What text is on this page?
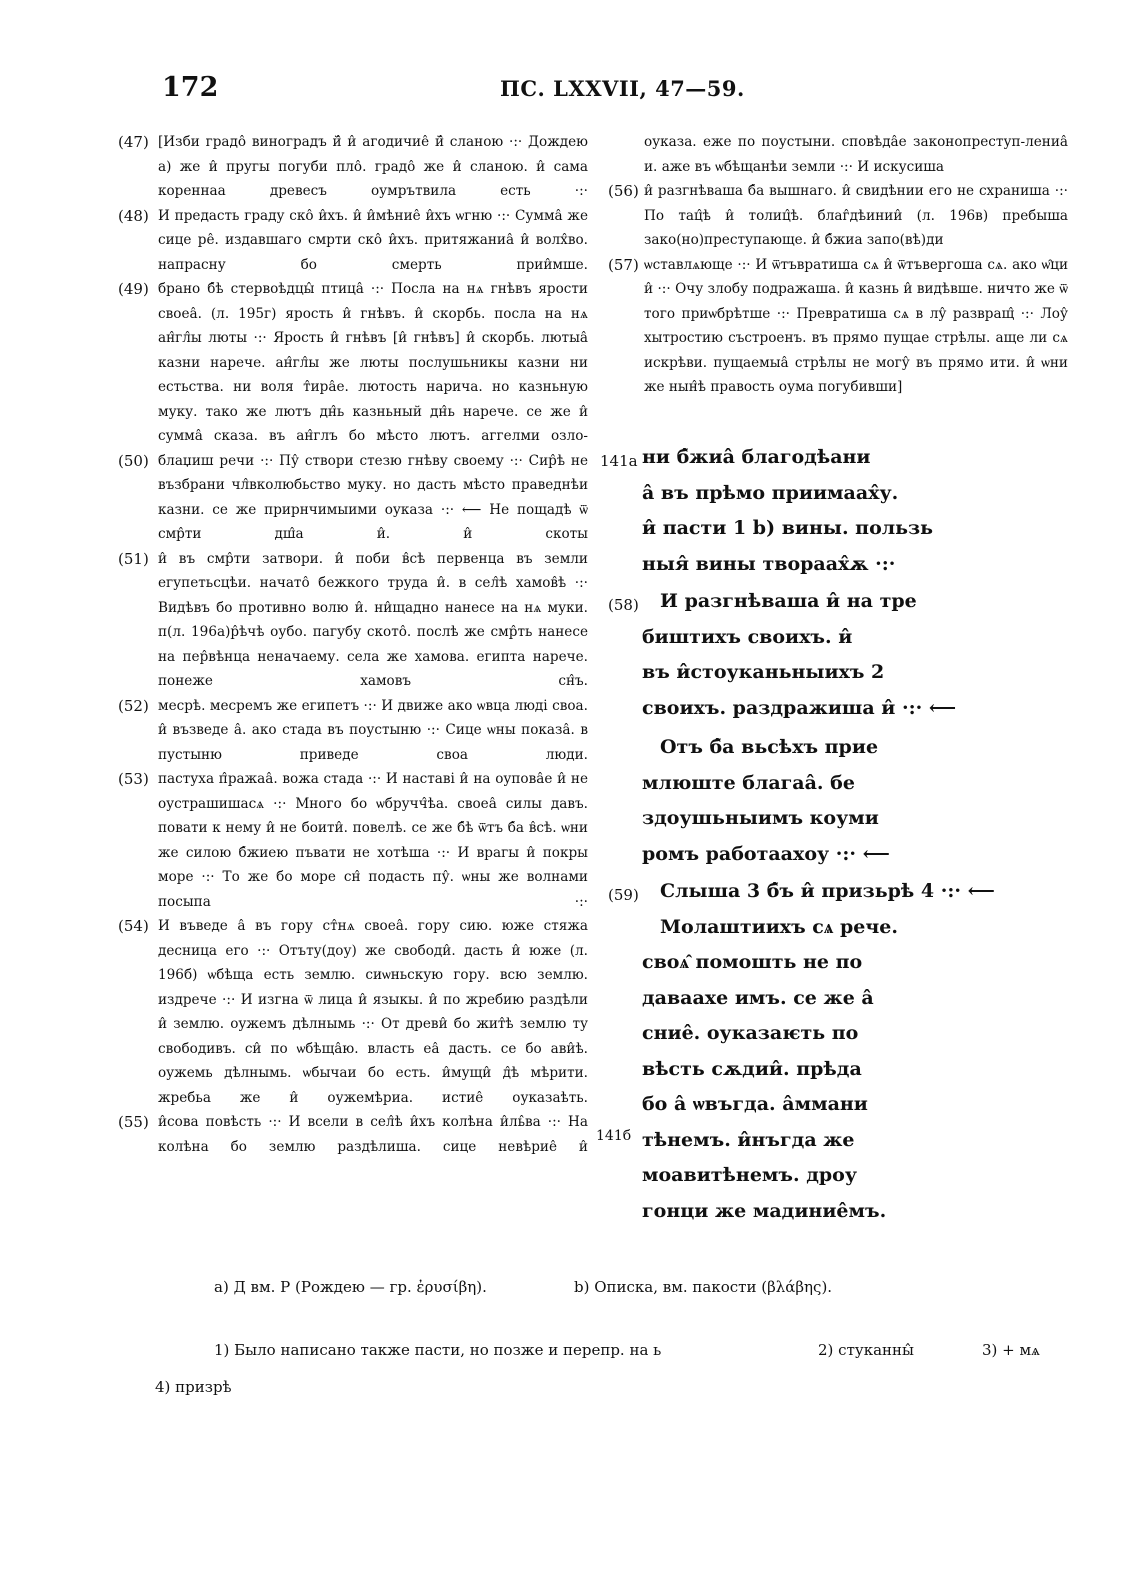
172	ПС. LXXVII, 47—59.
(47) [Изби градо̂ виноградъ й̂ и̂ агодичие̂ й̂ сланою ·:· Дождею а) же и̂ пругы погуби пло̂. градо̂ же и̂ сланою. и̂ сама кореннаа древесъ оумрътвила есть ·:·
(48) И предасть граду ско̂ и̂хъ. и̂ и̂мѣние̂ и̂хъ ѡгню ·:· Сумма̂ же сице ре̂. издавшаго смрти ско̂ и̂хъ. притяжаниа̂ и̂ волх̂во. напрасну бо смерть прии̂мше.
(49) брано б̂ѣ стервоѣдцы̂ птица̂ ·:· Посла на нѧ гнѣвъ ярости своеа̂. (л. 195г) ярость и̂ гнѣвъ. и̂ скорбь. посла на нѧ ан̂гл̂ы люты ·:· Ярость и̂ гнѣвъ [и̂ гнѣвъ] и̂ скорбь. лютыа̂ казни нарече. ан̂гл̂ы же люты послушьникы казни ни естьства. ни воля т̂ира̂е. лютость нарича. но казньную муку. тако же лютъ дн̂ь казньный дн̂ь нарече. се же и̂ сумма̂ сказа. въ ан̂глъ бо мѣсто лютъ. аггелми озло-
(50) блаџиш речи ·:· Пу̂ створи стезю гнѣву своему ·:· Сир̂ѣ не възбрани чл̂вколюбьство муку. но дасть мѣсто праведнѣи казни. се же прирнчимыими оуказа ·:· ⟵ Не пощадѣ ѿ смр̂ти дш̂а и̂. и̂ скоты
(51) и̂ въ смр̂ти затвори. и̂ поби в̂сѣ первенца въ земли егупетьсцѣи. начато̂ бежкого труда и̂. в сел̂ѣ хамов̂ѣ ·:· Видѣвъ бо противно волю и̂. ни̂щадно нанесе на нѧ муки. п(л. 196а)р̂ѣчѣ оубо. пагубу ското̂. послѣ же смр̂ть нанесе на пер̂вѣнца неначаему. села же хамова. египта нарече. понеже хамовъ сн̂ъ.
(52) месрѣ. месремъ же египетъ ·:· И движе ако ѡвца люді своа. и̂ възведе а̂. ако стада въ поустыню ·:· Сице ѡны показа̂. в пустыню приведе своа люди.
(53) пастуха п̂ражаа̂. вожа стада ·:· И наставі и̂ на оупова̂е и̂ не оустрашишасѧ ·:· Много бо ѡбручч̂ѣа. своеа̂ силы давъ. повати к нему и̂ не боити̂. повелѣ. се же б̂ѣ ѿтъ б̂а в̂сѣ. ѡни же силою б̂жиею пъвати не хотѣша ·:· И врагы и̂ покры море ·:· То же бо море сн̂ подасть пу̂. ѡны же волнами посыпа ·:·
(54) И въведе а̂ въ гору ст̂нѧ своеа̂. гору сию. юже стяжа десница его ·:· Отъту(доу) же свободи̂. дасть и̂ юже (л. 196б) ѡбѣща есть землю. сиѡньскую гору. всю землю. издрече ·:· И изгна ѿ лица и̂ языкы. и̂ по жребию раздѣли и̂ землю. оужемъ дѣлнымь ·:· От древи̂ бо жит̂ѣ землю ту свободивъ. си̂ по ѡбѣща̂ю. власть еа̂ дасть. се бо ави̂ѣ. оужемь дѣлнымь. ѡбычаи бо есть. и̂мущи̂ д̂ѣ мѣрити. жребьа же и̂ оужемѣриа. истие̂ оуказаѣть.
(55) и̂сова повѣсть ·:· И всели в сел̂ѣ и̂хъ колѣна и̂ль̂ва ·:· На колѣна бо землю раздѣлиша. сице невѣрие̂ и̂
оуказа. еже по поустыни. сповѣда̂е законопреступ-лениа̂ и. аже въ ѡбѣщанѣи земли ·:· И искусиша
(56) и̂ разгнѣваша б̂а вышнаго. и̂ свидѣнии его не схраниша ·:· По тац̂ѣ и̂ толиц̂ѣ. благ̂дѣинии̂ (л. 196в) пребыша зако(но)преступающе. и̂ б̂жиа запо(вѣ)ди
(57) ѡставлѧюще ·:· И ѿтъвратиша сѧ и̂ ѿтъвергоша сѧ. ако ѡ̂ци и̂ ·:· Очу злобу подражаша. и̂ казнь и̂ видѣвше. ничто же ѿ того приѡбрѣтше ·:· Превратиша сѧ в лу̂ развращ̂ ·:· Лоу̂ хытростию състроенъ. въ прямо пущае стрѣлы. аще ли сѧ искрѣви. пущаемыа̂ стрѣлы не могу̂ въ прямо ити. и̂ ѡни же нын̂ѣ правость оума погубивши]
141а ни б̂жиа̂ благодѣани
а̂ въ прѣмо приимаах̂у.
и̂ пасти 1 b) вины. пользь
ныя̂ вины твораах̂ѫ ·:·
(58) И разгнѣваша и̂ на тре
биштихъ своихъ. и̂
въ и̂стоуканьныихъ 2
своихъ. раздражиша и̂ ·:· ⟵
Отъ б̂а вьсѣхъ прие
млюште благаа̂. бе
здоушьныимъ коуми
ромъ работаахоу ·:· ⟵
(59) Слыша 3 б̂ъ и̂ призьрѣ 4 ·:· ⟵
Молаштиихъ сѧ рече.
своѧ̂ помошть не по
даваахе имъ. се же а̂
сние̂. оуказаѥть по
вѣсть сѫдии̂. прѣда
бо а̂ ѡвъгда. а̂ммани
тѣнемъ. и̂нъгда же
моавитѣнемъ. дроу
гонци же мадиние̂мъ.
141б
а) Д вм. Р (Рождею — гр. ἐρυσίβη).	b) Описка, вм. пакости (βλάβης).
1) Было написано также пасти, но позже и перепр. на ь	2) стуканны̂	3) + мѧ
4) призрѣ
